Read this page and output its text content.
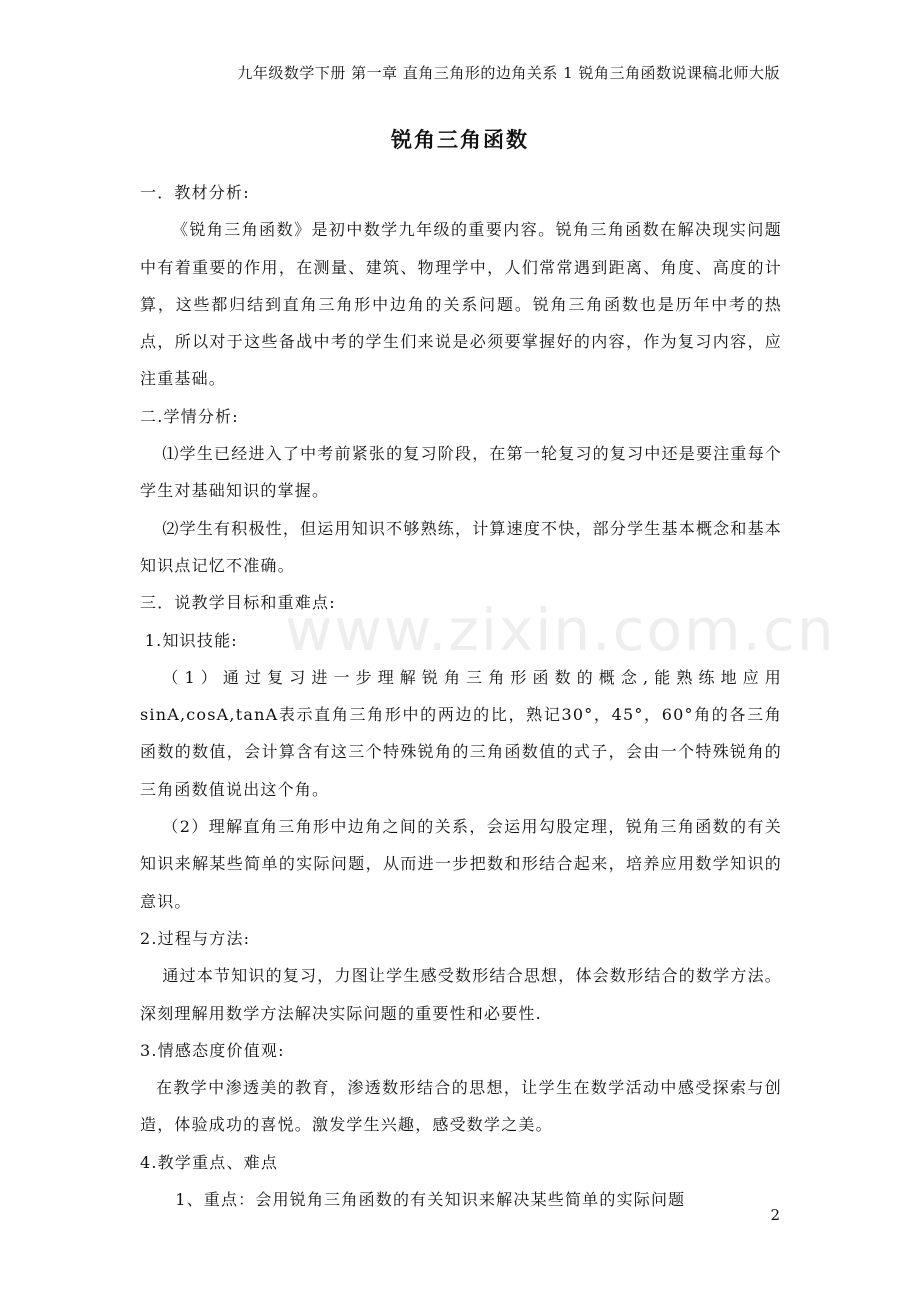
九年级数学下册 第一章 直角三角形的边角关系 1 锐角三角函数说课稿北师大版
锐角三角函数
www.zixin.com.cn

一．教材分析:

《锐角三角函数》是初中数学九年级的重要内容。锐角三角函数在解决现实问题中有着重要的作用，在测量、建筑、物理学中，人们常常遇到距离、角度、高度的计算，这些都归结到直角三角形中边角的关系问题。锐角三角函数也是历年中考的热点，所以对于这些备战中考的学生们来说是必须要掌握好的内容，作为复习内容，应注重基础。

二.学情分析:

⑴学生已经进入了中考前紧张的复习阶段，在第一轮复习的复习中还是要注重每个学生对基础知识的掌握。

⑵学生有积极性，但运用知识不够熟练，计算速度不快，部分学生基本概念和基本知识点记忆不准确。

三．说教学目标和重难点:

1.知识技能:

（1）通过复习进一步理解锐角三角形函数的概念,能熟练地应用sinA,cosA,tanA表示直角三角形中的两边的比，熟记30°，45°，60°角的各三角函数的数值，会计算含有这三个特殊锐角的三角函数值的式子，会由一个特殊锐角的三角函数值说出这个角。

（2）理解直角三角形中边角之间的关系，会运用勾股定理，锐角三角函数的有关知识来解某些简单的实际问题，从而进一步把数和形结合起来，培养应用数学知识的意识。

2.过程与方法:

通过本节知识的复习，力图让学生感受数形结合思想，体会数形结合的数学方法。深刻理解用数学方法解决实际问题的重要性和必要性.

3.情感态度价值观:

在教学中渗透美的教育，渗透数形结合的思想，让学生在数学活动中感受探索与创造，体验成功的喜悦。激发学生兴趣，感受数学之美。

4.教学重点、难点

1、重点：会用锐角三角函数的有关知识来解决某些简单的实际问题

2
